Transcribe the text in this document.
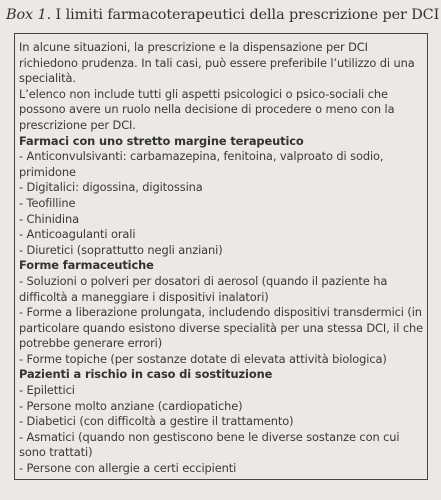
Box 1. I limiti farmacoterapeutici della prescrizione per DCI

In alcune situazioni, la prescrizione e la dispensazione per DCI richiedono prudenza. In tali casi, può essere preferibile l’utilizzo di una specialità.

L’elenco non include tutti gli aspetti psicologici o psico-sociali che possono avere un ruolo nella decisione di procedere o meno con la prescrizione per DCI.

Farmaci con uno stretto margine terapeutico

- Anticonvulsivanti: carbamazepina, fenitoina, valproato di sodio, primidone
- Digitalici: digossina, digitossina
- Teofilline
- Chinidina
- Anticoagulanti orali
- Diuretici (soprattutto negli anziani)

Forme farmaceutiche

- Soluzioni o polveri per dosatori di aerosol (quando il paziente ha difficoltà a maneggiare i dispositivi inalatori)
- Forme a liberazione prolungata, includendo dispositivi transdermici (in particolare quando esistono diverse specialità per una stessa DCI, il che potrebbe generare errori)
- Forme topiche (per sostanze dotate di elevata attività biologica)

Pazienti a rischio in caso di sostituzione

- Epilettici
- Persone molto anziane (cardiopatiche)
- Diabetici (con difficoltà a gestire il trattamento)
- Asmatici (quando non gestiscono bene le diverse sostanze con cui sono trattati)
- Persone con allergie a certi eccipienti
